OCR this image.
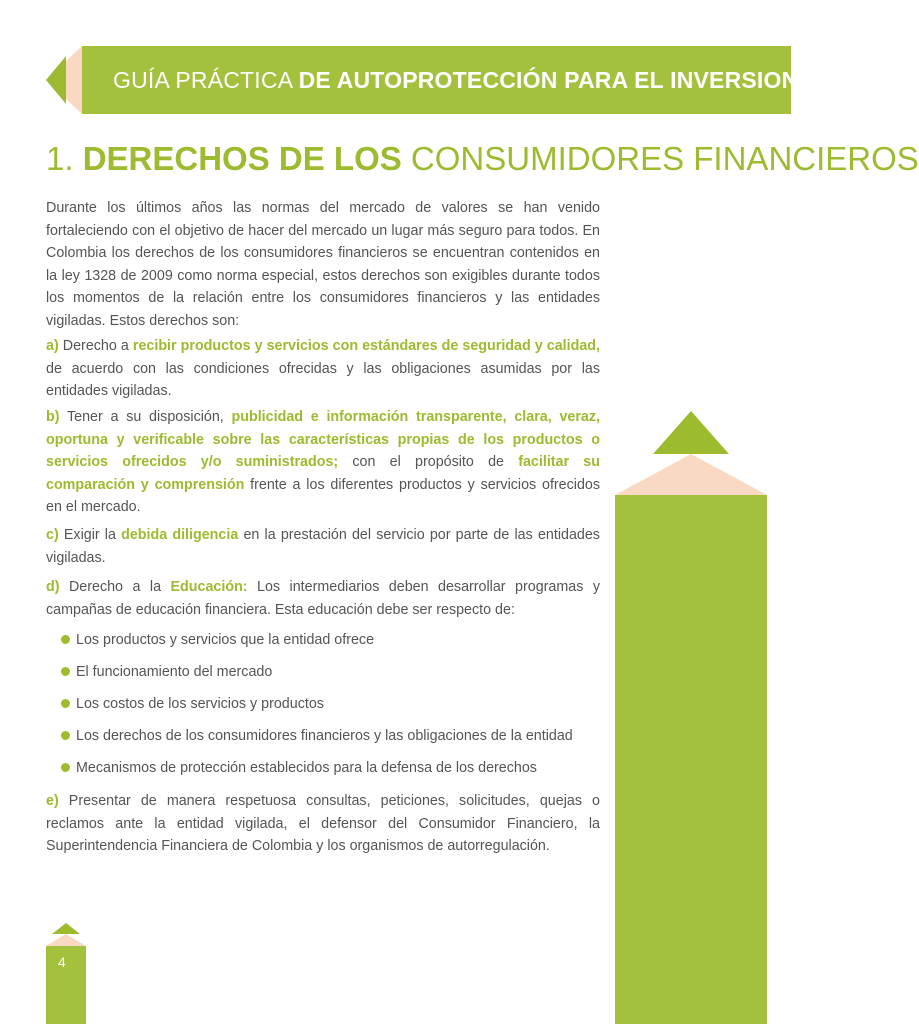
GUÍA PRÁCTICA DE AUTOPROTECCIÓN PARA EL INVERSIONISTA
1. DERECHOS DE LOS CONSUMIDORES FINANCIEROS

Durante los últimos años las normas del mercado de valores se han venido fortaleciendo con el objetivo de hacer del mercado un lugar más seguro para todos. En Colombia los derechos de los consumidores financieros se encuentran contenidos en la ley 1328 de 2009 como norma especial, estos derechos son exigibles durante todos los momentos de la relación entre los consumidores financieros y las entidades vigiladas. Estos derechos son:

a) Derecho a recibir productos y servicios con estándares de seguridad y calidad, de acuerdo con las condiciones ofrecidas y las obligaciones asumidas por las entidades vigiladas.

b) Tener a su disposición, publicidad e información transparente, clara, veraz, oportuna y verificable sobre las características propias de los productos o servicios ofrecidos y/o suministrados; con el propósito de facilitar su comparación y comprensión frente a los diferentes productos y servicios ofrecidos en el mercado.

c) Exigir la debida diligencia en la prestación del servicio por parte de las entidades vigiladas.

d) Derecho a la Educación: Los intermediarios deben desarrollar programas y campañas de educación financiera. Esta educación debe ser respecto de:

Los productos y servicios que la entidad ofrece
El funcionamiento del mercado
Los costos de los servicios y productos
Los derechos de los consumidores financieros y las obligaciones de la entidad
Mecanismos de protección establecidos para la defensa de los derechos

e) Presentar de manera respetuosa consultas, peticiones, solicitudes, quejas o reclamos ante la entidad vigilada, el defensor del Consumidor Financiero, la Superintendencia Financiera de Colombia y los organismos de autorregulación.

4
